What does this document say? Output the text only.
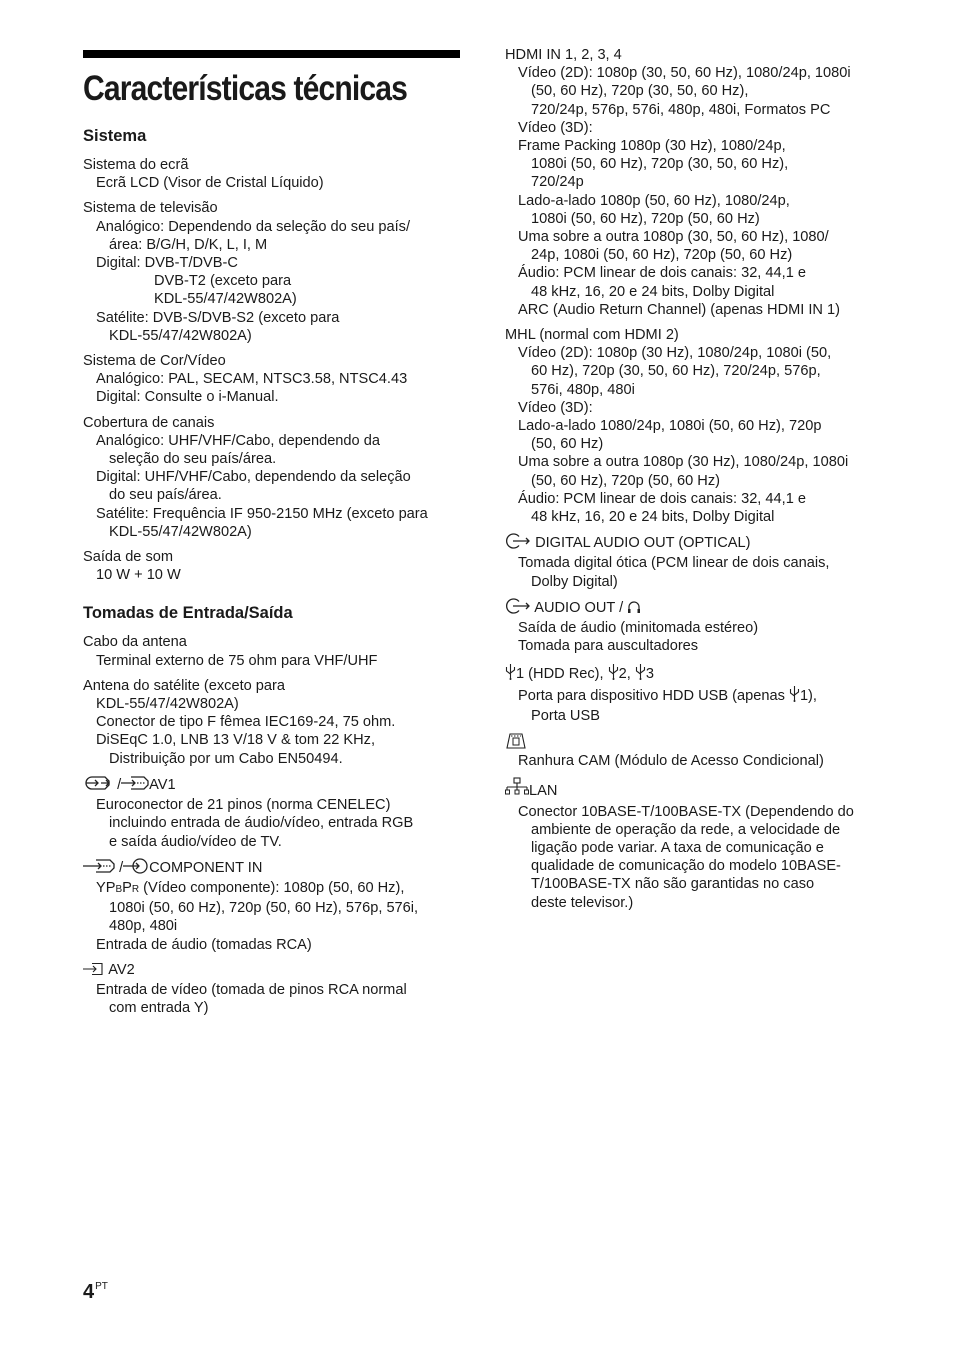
Características técnicas
Sistema
Sistema do ecrã
Ecrã LCD (Visor de Cristal Líquido)
Sistema de televisão
Analógico: Dependendo da seleção do seu país/
área: B/G/H, D/K, L, I, M
Digital: DVB-T/DVB-C
DVB-T2 (exceto para
KDL-55/47/42W802A)
Satélite: DVB-S/DVB-S2 (exceto para
KDL-55/47/42W802A)
Sistema de Cor/Vídeo
Analógico: PAL, SECAM, NTSC3.58, NTSC4.43
Digital: Consulte o i-Manual.
Cobertura de canais
Analógico: UHF/VHF/Cabo, dependendo da
seleção do seu país/área.
Digital: UHF/VHF/Cabo, dependendo da seleção
do seu país/área.
Satélite: Frequência IF 950-2150 MHz (exceto para
KDL-55/47/42W802A)
Saída de som
10 W + 10 W
Tomadas de Entrada/Saída
Cabo da antena
Terminal externo de 75 ohm para VHF/UHF
Antena do satélite (exceto para
KDL-55/47/42W802A)
Conector de tipo F fêmea IEC169-24, 75 ohm.
DiSEqC 1.0, LNB 13 V/18 V & tom 22 KHz,
Distribuição por um Cabo EN50494.
/ AV1
Euroconector de 21 pinos (norma CENELEC)
incluindo entrada de áudio/vídeo, entrada RGB
e saída áudio/vídeo de TV.
/ COMPONENT IN
YPBPR (Vídeo componente): 1080p (50, 60 Hz),
1080i (50, 60 Hz), 720p (50, 60 Hz), 576p, 576i,
480p, 480i
Entrada de áudio (tomadas RCA)
AV2
Entrada de vídeo (tomada de pinos RCA normal
com entrada Y)
HDMI IN 1, 2, 3, 4
Vídeo (2D): 1080p (30, 50, 60 Hz), 1080/24p, 1080i
(50, 60 Hz), 720p (30, 50, 60 Hz),
720/24p, 576p, 576i, 480p, 480i, Formatos PC
Vídeo (3D):
Frame Packing 1080p (30 Hz), 1080/24p,
1080i (50, 60 Hz), 720p (30, 50, 60 Hz),
720/24p
Lado-a-lado 1080p (50, 60 Hz), 1080/24p,
1080i (50, 60 Hz), 720p (50, 60 Hz)
Uma sobre a outra 1080p (30, 50, 60 Hz), 1080/
24p, 1080i (50, 60 Hz), 720p (50, 60 Hz)
Áudio: PCM linear de dois canais: 32, 44,1 e
48 kHz, 16, 20 e 24 bits, Dolby Digital
ARC (Audio Return Channel) (apenas HDMI IN 1)
MHL (normal com HDMI 2)
Vídeo (2D): 1080p (30 Hz), 1080/24p, 1080i (50,
60 Hz), 720p (30, 50, 60 Hz), 720/24p, 576p,
576i, 480p, 480i
Vídeo (3D):
Lado-a-lado 1080/24p, 1080i (50, 60 Hz), 720p
(50, 60 Hz)
Uma sobre a outra 1080p (30 Hz), 1080/24p, 1080i
(50, 60 Hz), 720p (50, 60 Hz)
Áudio: PCM linear de dois canais: 32, 44,1 e
48 kHz, 16, 20 e 24 bits, Dolby Digital
DIGITAL AUDIO OUT (OPTICAL)
Tomada digital ótica (PCM linear de dois canais,
Dolby Digital)
AUDIO OUT /
Saída de áudio (minitomada estéreo)
Tomada para auscultadores
1 (HDD Rec), 2, 3
Porta para dispositivo HDD USB (apenas 1),
Porta USB
Ranhura CAM (Módulo de Acesso Condicional)
LAN
Conector 10BASE-T/100BASE-TX (Dependendo do
ambiente de operação da rede, a velocidade de
ligação pode variar. A taxa de comunicação e
qualidade de comunicação do modelo 10BASE-
T/100BASE-TX não são garantidas no caso
deste televisor.)
$4^{PT}$
